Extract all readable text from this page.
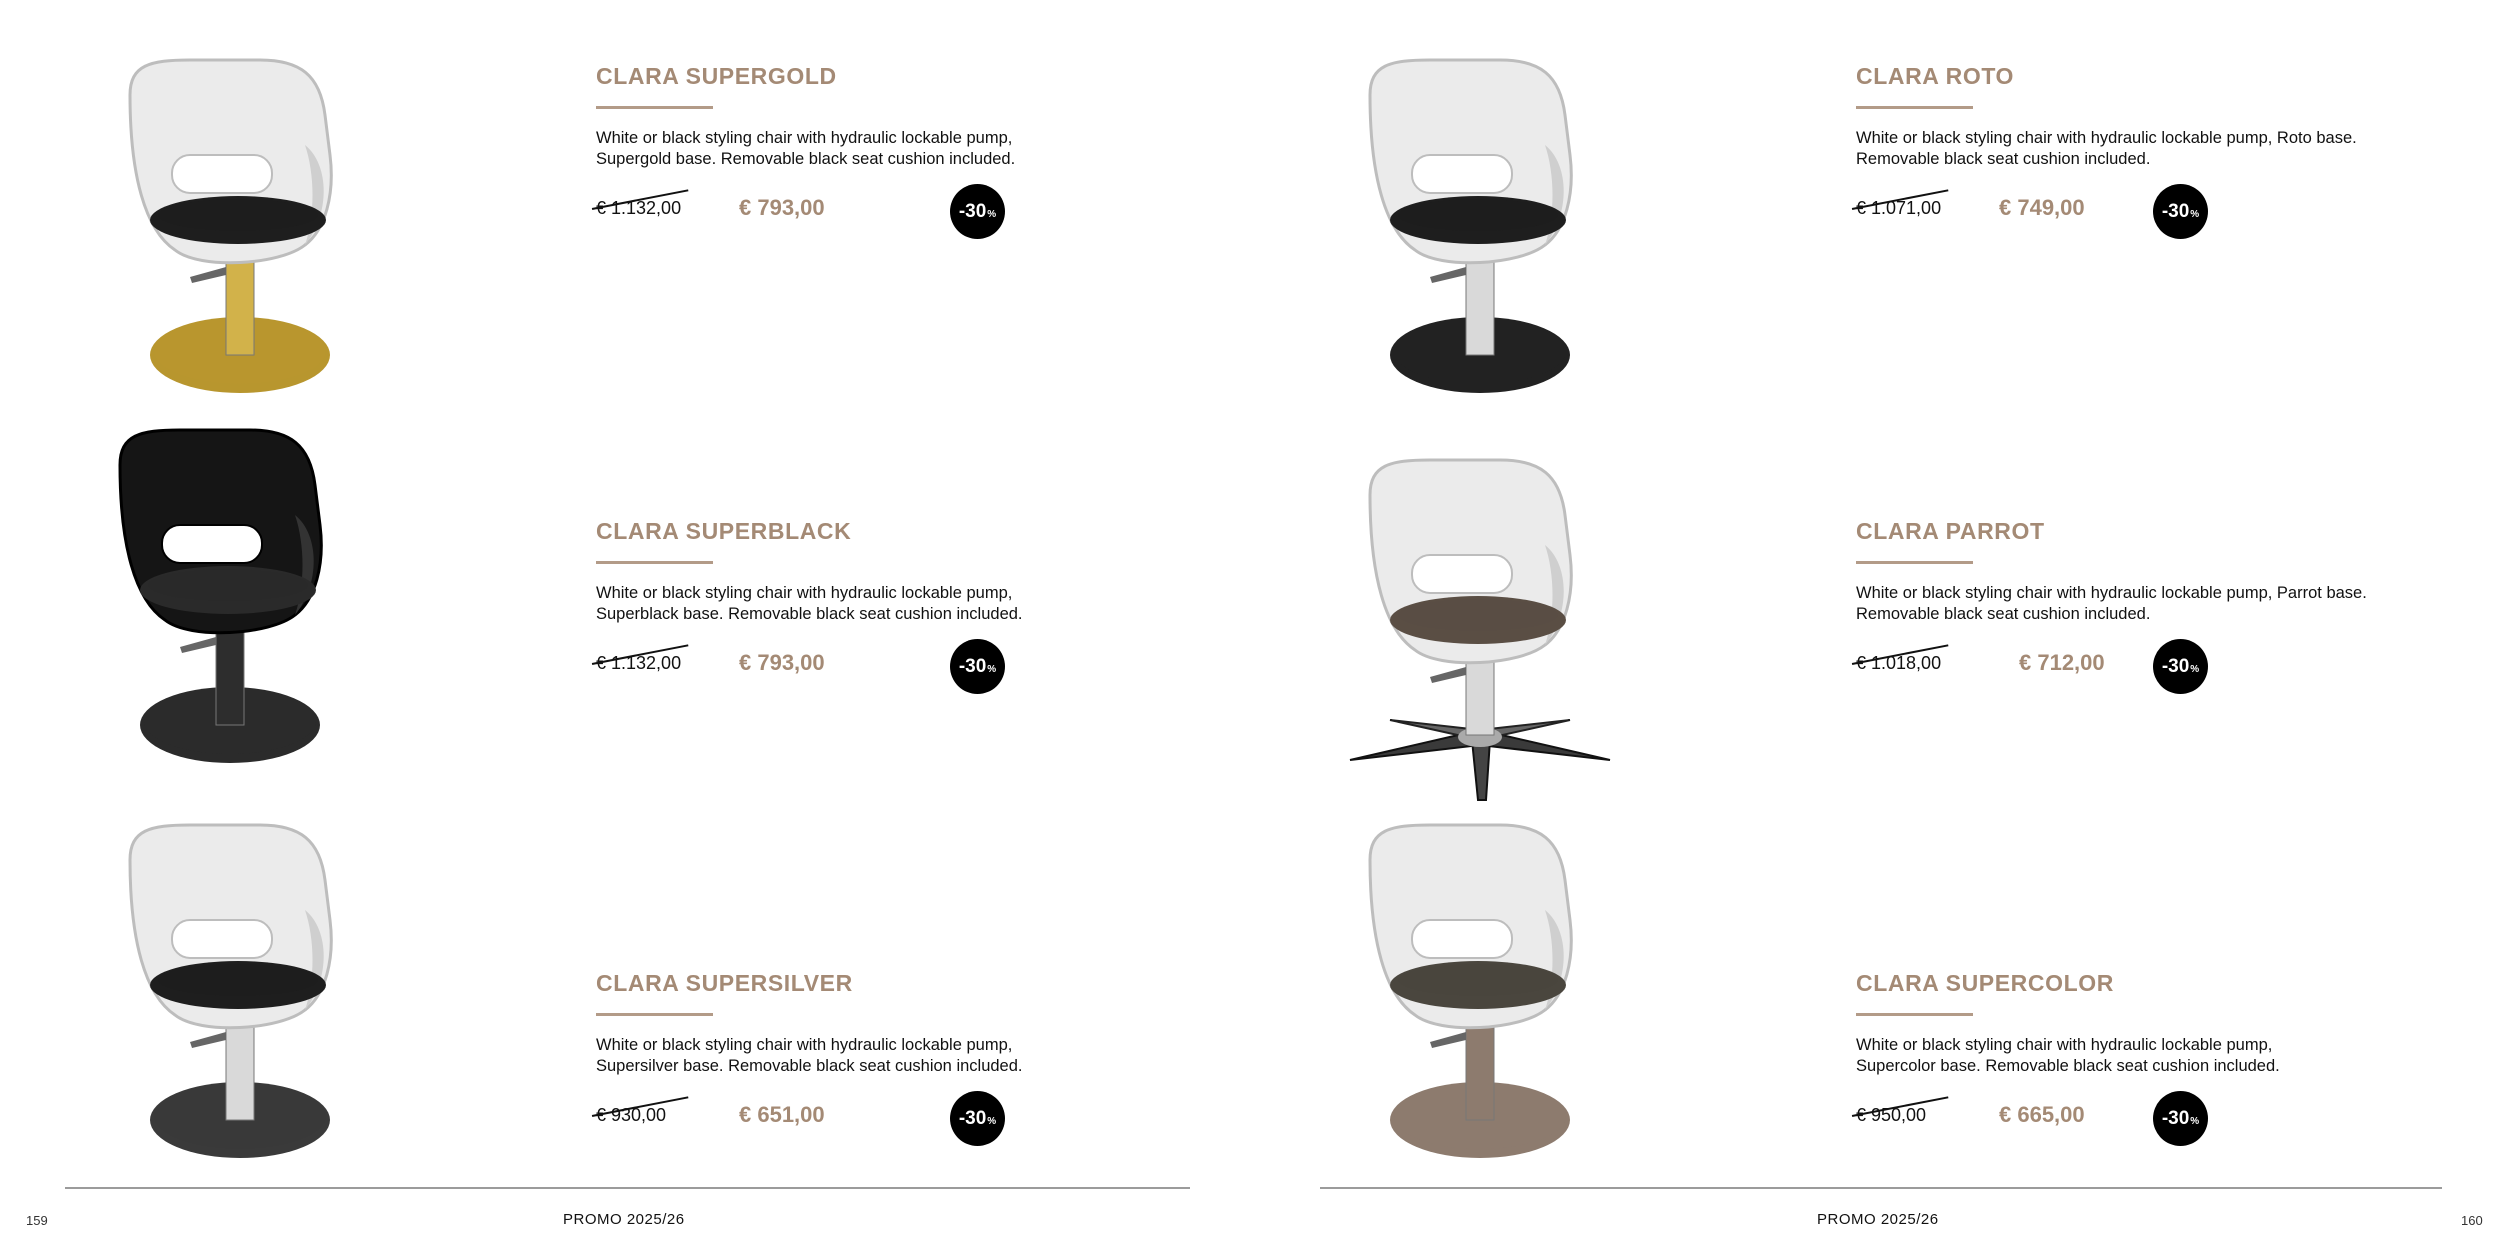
CLARA SUPERGOLD
White or black styling chair with hydraulic lockable pump,
Supergold base. Removable black seat cushion included.
€ 1.132,00	€ 793,00	-30 %
CLARA SUPERBLACK
White or black styling chair with hydraulic lockable pump,
Superblack base. Removable black seat cushion included.
€ 1.132,00	€ 793,00	-30 %
CLARA SUPERSILVER
White or black styling chair with hydraulic lockable pump,
Supersilver base. Removable black seat cushion included.
€ 930,00	€ 651,00	-30 %
159	PROMO 2025/26
CLARA ROTO
White or black styling chair with hydraulic lockable pump, Roto base.
Removable black seat cushion included.
€ 1.071,00	€ 749,00	-30 %
CLARA PARROT
White or black styling chair with hydraulic lockable pump, Parrot base.
Removable black seat cushion included.
€ 1.018,00	€ 712,00	-30 %
CLARA SUPERCOLOR
White or black styling chair with hydraulic lockable pump,
Supercolor base. Removable black seat cushion included.
€ 950,00	€ 665,00	-30 %
PROMO 2025/26	160
